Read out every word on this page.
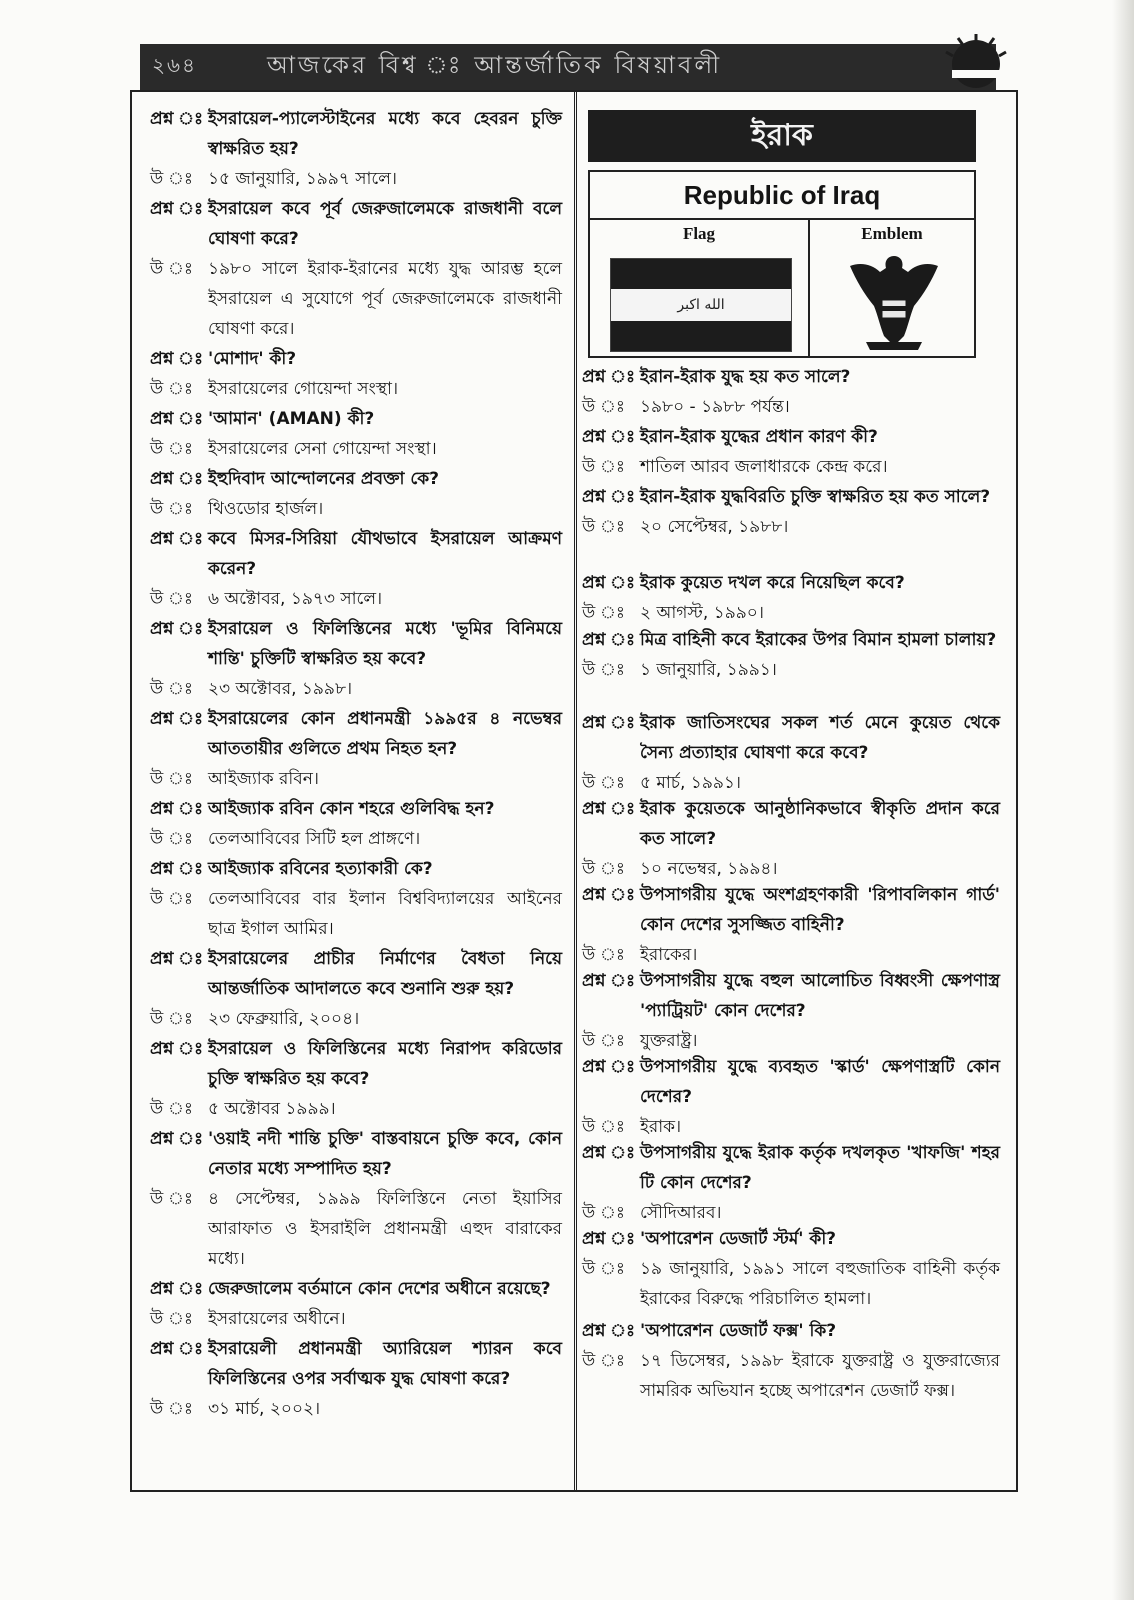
২৬৪	আজকের বিশ্ব ঃ আন্তর্জাতিক বিষয়াবলী
প্রশ্ন ঃ ইসরায়েল-প্যালেস্টাইনের মধ্যে কবে হেবরন চুক্তি স্বাক্ষরিত হয়?
উ ঃ ১৫ জানুয়ারি, ১৯৯৭ সালে।
প্রশ্ন ঃ ইসরায়েল কবে পূর্ব জেরুজালেমকে রাজধানী বলে ঘোষণা করে?
উ ঃ ১৯৮০ সালে ইরাক-ইরানের মধ্যে যুদ্ধ আরম্ভ হলে ইসরায়েল এ সুযোগে পূর্ব জেরুজালেমকে রাজধানী ঘোষণা করে।
প্রশ্ন ঃ 'মোশাদ' কী?
উ ঃ ইসরায়েলের গোয়েন্দা সংস্থা।
প্রশ্ন ঃ 'আমান' (AMAN) কী?
উ ঃ ইসরায়েলের সেনা গোয়েন্দা সংস্থা।
প্রশ্ন ঃ ইহুদিবাদ আন্দোলনের প্রবক্তা কে?
উ ঃ থিওডোর হার্জল।
প্রশ্ন ঃ কবে মিসর-সিরিয়া যৌথভাবে ইসরায়েল আক্রমণ করেন?
উ ঃ ৬ অক্টোবর, ১৯৭৩ সালে।
প্রশ্ন ঃ ইসরায়েল ও ফিলিস্তিনের মধ্যে 'ভূমির বিনিময়ে শান্তি' চুক্তিটি স্বাক্ষরিত হয় কবে?
উ ঃ ২৩ অক্টোবর, ১৯৯৮।
প্রশ্ন ঃ ইসরায়েলের কোন প্রধানমন্ত্রী ১৯৯৫র ৪ নভেম্বর আততায়ীর গুলিতে প্রথম নিহত হন?
উ ঃ আইজ্যাক রবিন।
প্রশ্ন ঃ আইজ্যাক রবিন কোন শহরে গুলিবিদ্ধ হন?
উ ঃ তেলআবিবের সিটি হল প্রাঙ্গণে।
প্রশ্ন ঃ আইজ্যাক রবিনের হত্যাকারী কে?
উ ঃ তেলআবিবের বার ইলান বিশ্ববিদ্যালয়ের আইনের ছাত্র ইগাল আমির।
প্রশ্ন ঃ ইসরায়েলের প্রাচীর নির্মাণের বৈধতা নিয়ে আন্তর্জাতিক আদালতে কবে শুনানি শুরু হয়?
উ ঃ ২৩ ফেব্রুয়ারি, ২০০৪।
প্রশ্ন ঃ ইসরায়েল ও ফিলিস্তিনের মধ্যে নিরাপদ করিডোর চুক্তি স্বাক্ষরিত হয় কবে?
উ ঃ ৫ অক্টোবর ১৯৯৯।
প্রশ্ন ঃ 'ওয়াই নদী শান্তি চুক্তি' বাস্তবায়নে চুক্তি কবে, কোন নেতার মধ্যে সম্পাদিত হয়?
উ ঃ ৪ সেপ্টেম্বর, ১৯৯৯ ফিলিস্তিনে নেতা ইয়াসির আরাফাত ও ইসরাইলি প্রধানমন্ত্রী এহুদ বারাকের মধ্যে।
প্রশ্ন ঃ জেরুজালেম বর্তমানে কোন দেশের অধীনে রয়েছে?
উ ঃ ইসরায়েলের অধীনে।
প্রশ্ন ঃ ইসরায়েলী প্রধানমন্ত্রী অ্যারিয়েল শ্যারন কবে ফিলিস্তিনের ওপর সর্বাত্মক যুদ্ধ ঘোষণা করে?
উ ঃ ৩১ মার্চ, ২০০২।
ইরাক
Republic of Iraq
Flag
الله اكبر
Emblem
প্রশ্ন ঃ ইরান-ইরাক যুদ্ধ হয় কত সালে?
উ ঃ ১৯৮০ - ১৯৮৮ পর্যন্ত।
প্রশ্ন ঃ ইরান-ইরাক যুদ্ধের প্রধান কারণ কী?
উ ঃ শাতিল আরব জলাধারকে কেন্দ্র করে।
প্রশ্ন ঃ ইরান-ইরাক যুদ্ধবিরতি চুক্তি স্বাক্ষরিত হয় কত সালে?
উ ঃ ২০ সেপ্টেম্বর, ১৯৮৮।
প্রশ্ন ঃ ইরাক কুয়েত দখল করে নিয়েছিল কবে?
উ ঃ ২ আগস্ট, ১৯৯০।
প্রশ্ন ঃ মিত্র বাহিনী কবে ইরাকের উপর বিমান হামলা চালায়?
উ ঃ ১ জানুয়ারি, ১৯৯১।
প্রশ্ন ঃ ইরাক জাতিসংঘের সকল শর্ত মেনে কুয়েত থেকে সৈন্য প্রত্যাহার ঘোষণা করে কবে?
উ ঃ ৫ মার্চ, ১৯৯১।
প্রশ্ন ঃ ইরাক কুয়েতকে আনুষ্ঠানিকভাবে স্বীকৃতি প্রদান করে কত সালে?
উ ঃ ১০ নভেম্বর, ১৯৯৪।
প্রশ্ন ঃ উপসাগরীয় যুদ্ধে অংশগ্রহণকারী 'রিপাবলিকান গার্ড' কোন দেশের সুসজ্জিত বাহিনী?
উ ঃ ইরাকের।
প্রশ্ন ঃ উপসাগরীয় যুদ্ধে বহুল আলোচিত বিধ্বংসী ক্ষেপণাস্ত্র 'প্যাট্রিয়ট' কোন দেশের?
উ ঃ যুক্তরাষ্ট্র।
প্রশ্ন ঃ উপসাগরীয় যুদ্ধে ব্যবহৃত 'স্কার্ড' ক্ষেপণাস্ত্রটি কোন দেশের?
উ ঃ ইরাক।
প্রশ্ন ঃ উপসাগরীয় যুদ্ধে ইরাক কর্তৃক দখলকৃত 'খাফজি' শহর টি কোন দেশের?
উ ঃ সৌদিআরব।
প্রশ্ন ঃ 'অপারেশন ডেজার্ট স্টর্ম' কী?
উ ঃ ১৯ জানুয়ারি, ১৯৯১ সালে বহুজাতিক বাহিনী কর্তৃক ইরাকের বিরুদ্ধে পরিচালিত হামলা।
প্রশ্ন ঃ 'অপারেশন ডেজার্ট ফক্স' কি?
উ ঃ ১৭ ডিসেম্বর, ১৯৯৮ ইরাকে যুক্তরাষ্ট্র ও যুক্তরাজ্যের সামরিক অভিযান হচ্ছে অপারেশন ডেজার্ট ফক্স।
